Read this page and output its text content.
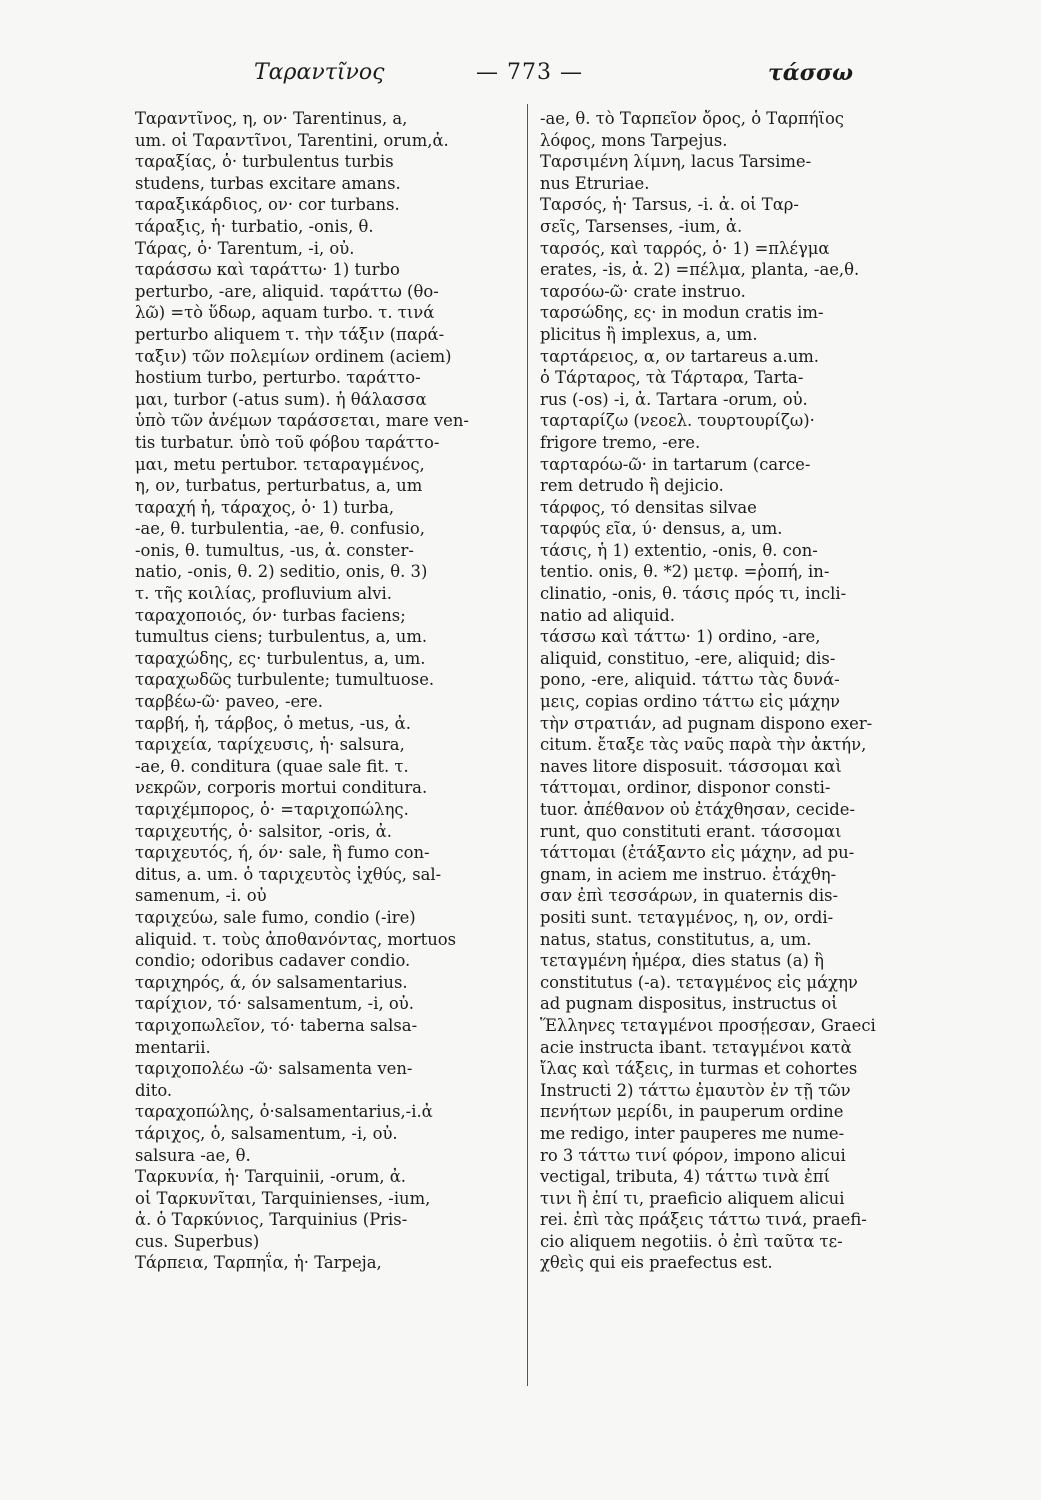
Ταραντῖνος	— 773 —	τάσσω
Ταραντῖνος, η, ον· Tarentinus, a,
um. οἱ Ταραντῖνοι, Tarentini, orum,ἀ.
ταραξίας, ὁ· turbulentus turbis
studens, turbas excitare amans.
ταραξικάρδιος, ον· cor turbans.
τάραξις, ἡ· turbatio, -onis, θ.
Τάρας, ὁ· Tarentum, -i, οὐ.
ταράσσω καὶ ταράττω· 1) turbo
perturbo, -are, aliquid. ταράττω (θο-
λῶ) =τὸ ὕδωρ, aquam turbo. τ. τινά
perturbo aliquem τ. τὴν τάξιν (παρά-
ταξιν) τῶν πολεμίων ordinem (aciem)
hostium turbo, perturbo. ταράττο-
μαι, turbor (-atus sum). ἡ θάλασσα
ὑπὸ τῶν ἀνέμων ταράσσεται, mare ven-
tis turbatur. ὑπὸ τοῦ φόβου ταράττο-
μαι, metu pertubor. τεταραγμένος,
η, ον, turbatus, perturbatus, a, um
ταραχή ἡ, τάραχος, ὁ· 1) turba,
-ae, θ. turbulentia, -ae, θ. confusio,
-onis, θ. tumultus, -us, ἀ. conster-
natio, -onis, θ. 2) seditio, onis, θ. 3)
τ. τῆς κοιλίας, profluvium alvi.
ταραχοποιός, όν· turbas faciens;
tumultus ciens; turbulentus, a, um.
ταραχώδης, ες· turbulentus, a, um.
ταραχωδῶς turbulente; tumultuose.
ταρβέω-ῶ· paveo, -ere.
ταρβή, ἡ, τάρβος, ὁ metus, -us, ἀ.
ταριχεία, ταρίχευσις, ἡ· salsura,
-ae, θ. conditura (quae sale fit. τ.
νεκρῶν, corporis mortui conditura.
ταριχέμπορος, ὁ· =ταριχοπώλης.
ταριχευτής, ὁ· salsitor, -oris, ἀ.
ταριχευτός, ή, όν· sale, ἢ fumo con-
ditus, a. um. ὁ ταριχευτὸς ἰχθύς, sal-
samenum, -i. οὐ
ταριχεύω, sale fumo, condio (-ire)
aliquid. τ. τοὺς ἀποθανόντας, mortuos
condio; odoribus cadaver condio.
ταριχηρός, ά, όν salsamentarius.
ταρίχιον, τό· salsamentum, -i, οὐ.
ταριχοπωλεῖον, τό· taberna salsa-
mentarii.
ταριχοπολέω -ῶ· salsamenta ven-
dito.
ταραχοπώλης, ὁ·salsamentarius,-i.ἀ
τάριχος, ὁ, salsamentum, -i, οὐ.
salsura -ae, θ.
Ταρκυνία, ἡ· Tarquinii, -orum, ἀ.
οἱ Ταρκυνῖται, Tarquinienses, -ium,
ἀ. ὁ Ταρκύνιος, Tarquinius (Pris-
cus. Superbus)
Τάρπεια, Ταρπηΐα, ἡ· Tarpeja,
-ae, θ. τὸ Ταρπεῖον ὄρος, ὁ Ταρπήϊος
λόφος, mons Tarpejus.
Ταρσιμένη λίμνη, lacus Tarsime-
nus Etruriae.
Ταρσός, ἡ· Tarsus, -i. ἀ. οἱ Ταρ-
σεῖς, Tarsenses, -ium, ἀ.
ταρσός, καὶ ταρρός, ὁ· 1) =πλέγμα
erates, -is, ἀ. 2) =πέλμα, planta, -ae,θ.
ταρσόω-ῶ· crate instruo.
ταρσώδης, ες· in modun cratis im-
plicitus ἢ implexus, a, um.
ταρτάρειος, α, ον tartareus a.um.
ὁ Τάρταρος, τὰ Τάρταρα, Tarta-
rus (-os) -i, ἀ. Tartara -orum, οὐ.
ταρταρίζω (νεοελ. τουρτουρίζω)·
frigore tremo, -ere.
ταρταρόω-ῶ· in tartarum (carce-
rem detrudo ἢ dejicio.
τάρφος, τό densitas silvae
ταρφύς εῖα, ύ· densus, a, um.
τάσις, ἡ 1) extentio, -onis, θ. con-
tentio. onis, θ. *2) μετφ. =ῥοπή, in-
clinatio, -onis, θ. τάσις πρός τι, incli-
natio ad aliquid.
τάσσω καὶ τάττω· 1) ordino, -are,
aliquid, constituo, -ere, aliquid; dis-
pono, -ere, aliquid. τάττω τὰς δυνά-
μεις, copias ordino τάττω εἰς μάχην
τὴν στρατιάν, ad pugnam dispono exer-
citum. ἔταξε τὰς ναῦς παρὰ τὴν ἀκτήν,
naves litore disposuit. τάσσομαι καὶ
τάττομαι, ordinor, disponor consti-
tuor. ἀπέθανον οὐ ἐτάχθησαν, cecide-
runt, quo constituti erant. τάσσομαι
τάττομαι (ἐτάξαντο εἰς μάχην, ad pu-
gnam, in aciem me instruo. ἐτάχθη-
σαν ἐπὶ τεσσάρων, in quaternis dis-
positi sunt. τεταγμένος, η, ον, ordi-
natus, status, constitutus, a, um.
τεταγμένη ἡμέρα, dies status (a) ἢ
constitutus (-a). τεταγμένος εἰς μάχην
ad pugnam dispositus, instructus οἱ
Ἕλληνες τεταγμένοι προσῄεσαν, Graeci
acie instructa ibant. τεταγμένοι κατὰ
ἴλας καὶ τάξεις, in turmas et cohortes
Instructi 2) τάττω ἐμαυτὸν ἐν τῇ τῶν
πενήτων μερίδι, in pauperum ordine
me redigo, inter pauperes me nume-
ro 3 τάττω τινί φόρον, impono alicui
vectigal, tributa, 4) τάττω τινὰ ἐπί
τινι ἢ ἐπί τι, praeficio aliquem alicui
rei. ἐπὶ τὰς πράξεις τάττω τινά, praefi-
cio aliquem negotiis. ὁ ἐπὶ ταῦτα τε-
χθεὶς qui eis praefectus est.
